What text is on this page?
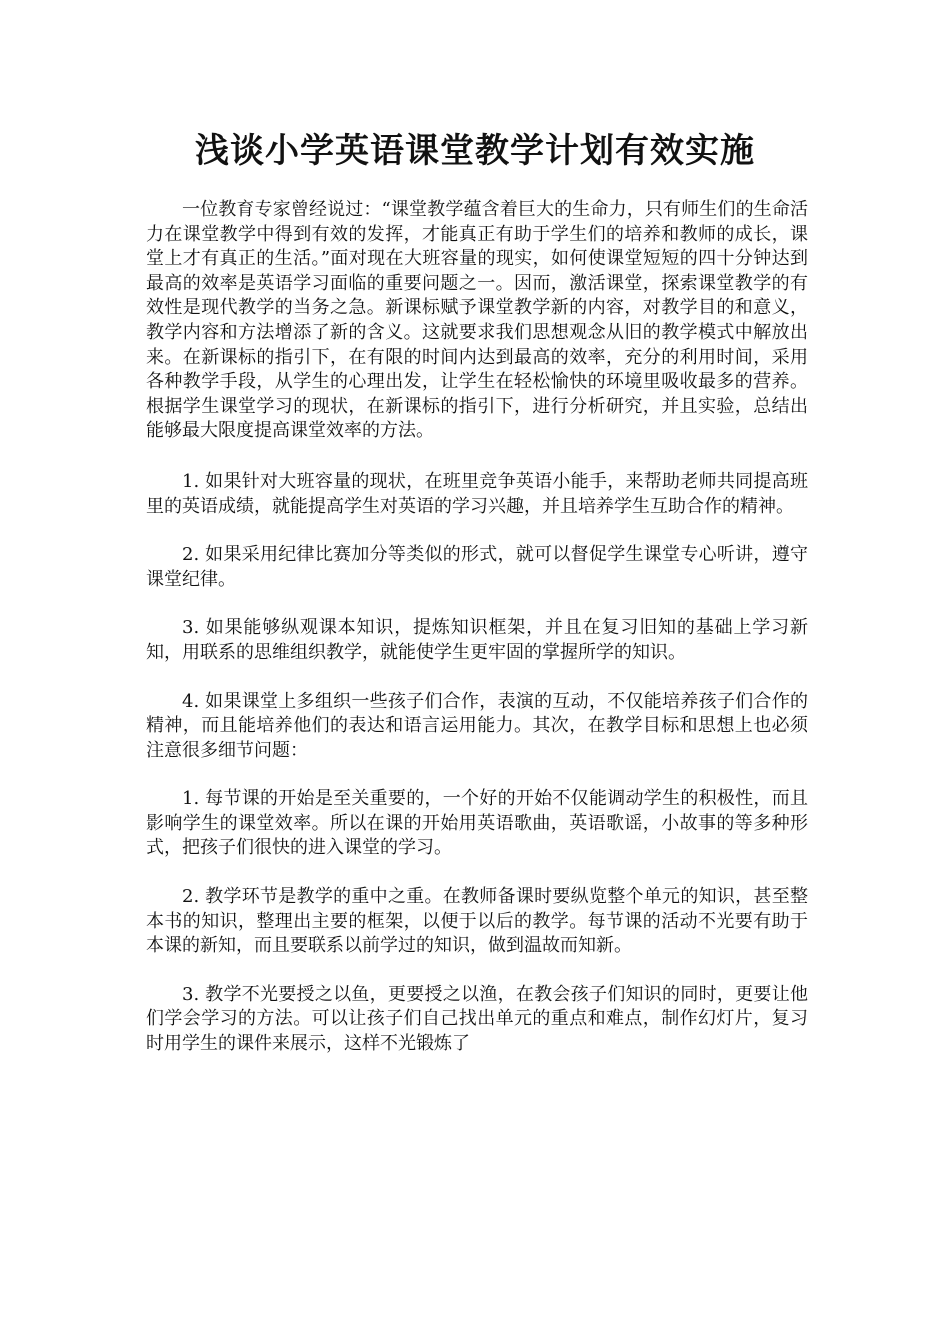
浅谈小学英语课堂教学计划有效实施

一位教育专家曾经说过：“课堂教学蕴含着巨大的生命力，只有师生们的生命活力在课堂教学中得到有效的发挥，才能真正有助于学生们的培养和教师的成长，课堂上才有真正的生活。”面对现在大班容量的现实，如何使课堂短短的四十分钟达到最高的效率是英语学习面临的重要问题之一。因而，激活课堂，探索课堂教学的有效性是现代教学的当务之急。新课标赋予课堂教学新的内容，对教学目的和意义，教学内容和方法增添了新的含义。这就要求我们思想观念从旧的教学模式中解放出来。在新课标的指引下，在有限的时间内达到最高的效率，充分的利用时间，采用各种教学手段，从学生的心理出发，让学生在轻松愉快的环境里吸收最多的营养。根据学生课堂学习的现状，在新课标的指引下，进行分析研究，并且实验，总结出能够最大限度提高课堂效率的方法。

1. 如果针对大班容量的现状，在班里竞争英语小能手，来帮助老师共同提高班里的英语成绩，就能提高学生对英语的学习兴趣，并且培养学生互助合作的精神。

2. 如果采用纪律比赛加分等类似的形式，就可以督促学生课堂专心听讲，遵守课堂纪律。

3. 如果能够纵观课本知识，提炼知识框架，并且在复习旧知的基础上学习新知，用联系的思维组织教学，就能使学生更牢固的掌握所学的知识。

4. 如果课堂上多组织一些孩子们合作，表演的互动，不仅能培养孩子们合作的精神，而且能培养他们的表达和语言运用能力。其次，在教学目标和思想上也必须注意很多细节问题：

1. 每节课的开始是至关重要的，一个好的开始不仅能调动学生的积极性，而且影响学生的课堂效率。所以在课的开始用英语歌曲，英语歌谣，小故事的等多种形式，把孩子们很快的进入课堂的学习。

2. 教学环节是教学的重中之重。在教师备课时要纵览整个单元的知识，甚至整本书的知识，整理出主要的框架，以便于以后的教学。每节课的活动不光要有助于本课的新知，而且要联系以前学过的知识，做到温故而知新。

3. 教学不光要授之以鱼，更要授之以渔，在教会孩子们知识的同时，更要让他们学会学习的方法。可以让孩子们自己找出单元的重点和难点，制作幻灯片，复习时用学生的课件来展示，这样不光锻炼了
